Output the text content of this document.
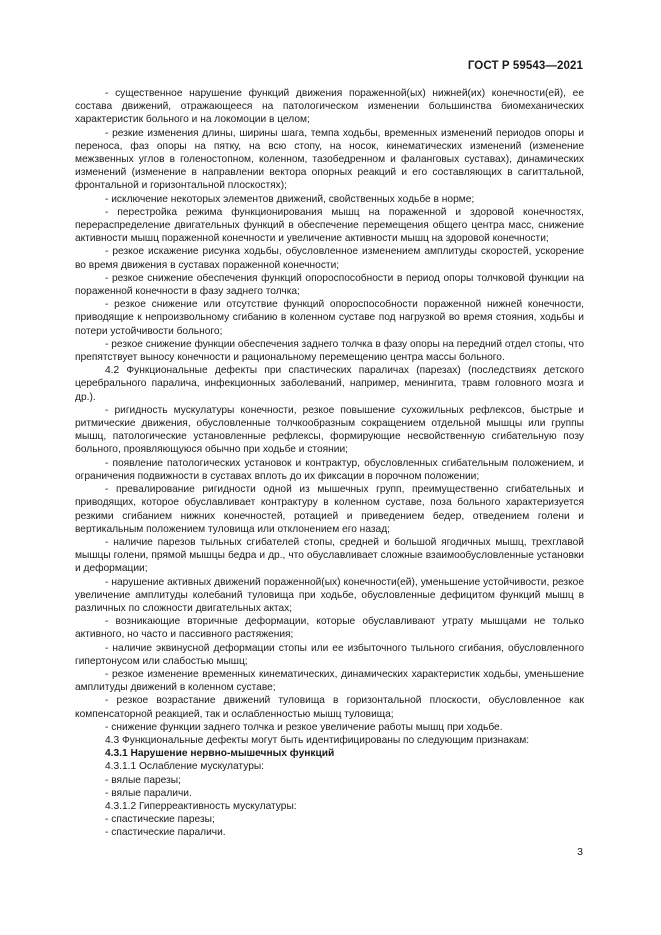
ГОСТ Р 59543—2021

- существенное нарушение функций движения пораженной(ых) нижней(их) конечности(ей), ее состава движений, отражающееся на патологическом изменении большинства биомеханических характеристик больного и на локомоции в целом;

- резкие изменения длины, ширины шага, темпа ходьбы, временных изменений периодов опоры и переноса, фаз опоры на пятку, на всю стопу, на носок, кинематических изменений (изменение межзвенных углов в голеностопном, коленном, тазобедренном и фаланговых суставах), динамических изменений (изменение в направлении вектора опорных реакций и его составляющих в сагиттальной, фронтальной и горизонтальной плоскостях);

- исключение некоторых элементов движений, свойственных ходьбе в норме;

- перестройка режима функционирования мышц на пораженной и здоровой конечностях, перераспределение двигательных функций в обеспечение перемещения общего центра масс, снижение активности мышц пораженной конечности и увеличение активности мышц на здоровой конечности;

- резкое искажение рисунка ходьбы, обусловленное изменением амплитуды скоростей, ускорение во время движения в суставах пораженной конечности;

- резкое снижение обеспечения функций опороспособности в период опоры толчковой функции на пораженной конечности в фазу заднего толчка;

- резкое снижение или отсутствие функций опороспособности пораженной нижней конечности, приводящие к непроизвольному сгибанию в коленном суставе под нагрузкой во время стояния, ходьбы и потери устойчивости больного;

- резкое снижение функции обеспечения заднего толчка в фазу опоры на передний отдел стопы, что препятствует выносу конечности и рациональному перемещению центра массы больного.

4.2 Функциональные дефекты при спастических параличах (парезах) (последствиях детского церебрального паралича, инфекционных заболеваний, например, менингита, травм головного мозга и др.).

- ригидность мускулатуры конечности, резкое повышение сухожильных рефлексов, быстрые и ритмические движения, обусловленные толчкообразным сокращением отдельной мышцы или группы мышц, патологические установленные рефлексы, формирующие несвойственную сгибательную позу больного, проявляющуюся обычно при ходьбе и стоянии;

- появление патологических установок и контрактур, обусловленных сгибательным положением, и ограничения подвижности в суставах вплоть до их фиксации в порочном положении;

- превалирование ригидности одной из мышечных групп, преимущественно сгибательных и приводящих, которое обуславливает контрактуру в коленном суставе, поза больного характеризуется резкими сгибанием нижних конечностей, ротацией и приведением бедер, отведением голени и вертикальным положением туловища или отклонением его назад;

- наличие парезов тыльных сгибателей стопы, средней и большой ягодичных мышц, трехглавой мышцы голени, прямой мышцы бедра и др., что обуславливает сложные взаимообусловленные установки и деформации;

- нарушение активных движений пораженной(ых) конечности(ей), уменьшение устойчивости, резкое увеличение амплитуды колебаний туловища при ходьбе, обусловленные дефицитом функций мышц в различных по сложности двигательных актах;

- возникающие вторичные деформации, которые обуславливают утрату мышцами не только активного, но часто и пассивного растяжения;

- наличие эквинусной деформации стопы или ее избыточного тыльного сгибания, обусловленного гипертонусом или слабостью мышц;

- резкое изменение временных кинематических, динамических характеристик ходьбы, уменьшение амплитуды движений в коленном суставе;

- резкое возрастание движений туловища в горизонтальной плоскости, обусловленное как компенсаторной реакцией, так и ослабленностью мышц туловища;

- снижение функции заднего толчка и резкое увеличение работы мышц при ходьбе.

4.3 Функциональные дефекты могут быть идентифицированы по следующим признакам:

4.3.1 Нарушение нервно-мышечных функций

4.3.1.1 Ослабление мускулатуры:

- вялые парезы;

- вялые параличи.

4.3.1.2 Гиперреактивность мускулатуры:

- спастические парезы;

- спастические параличи.

3
